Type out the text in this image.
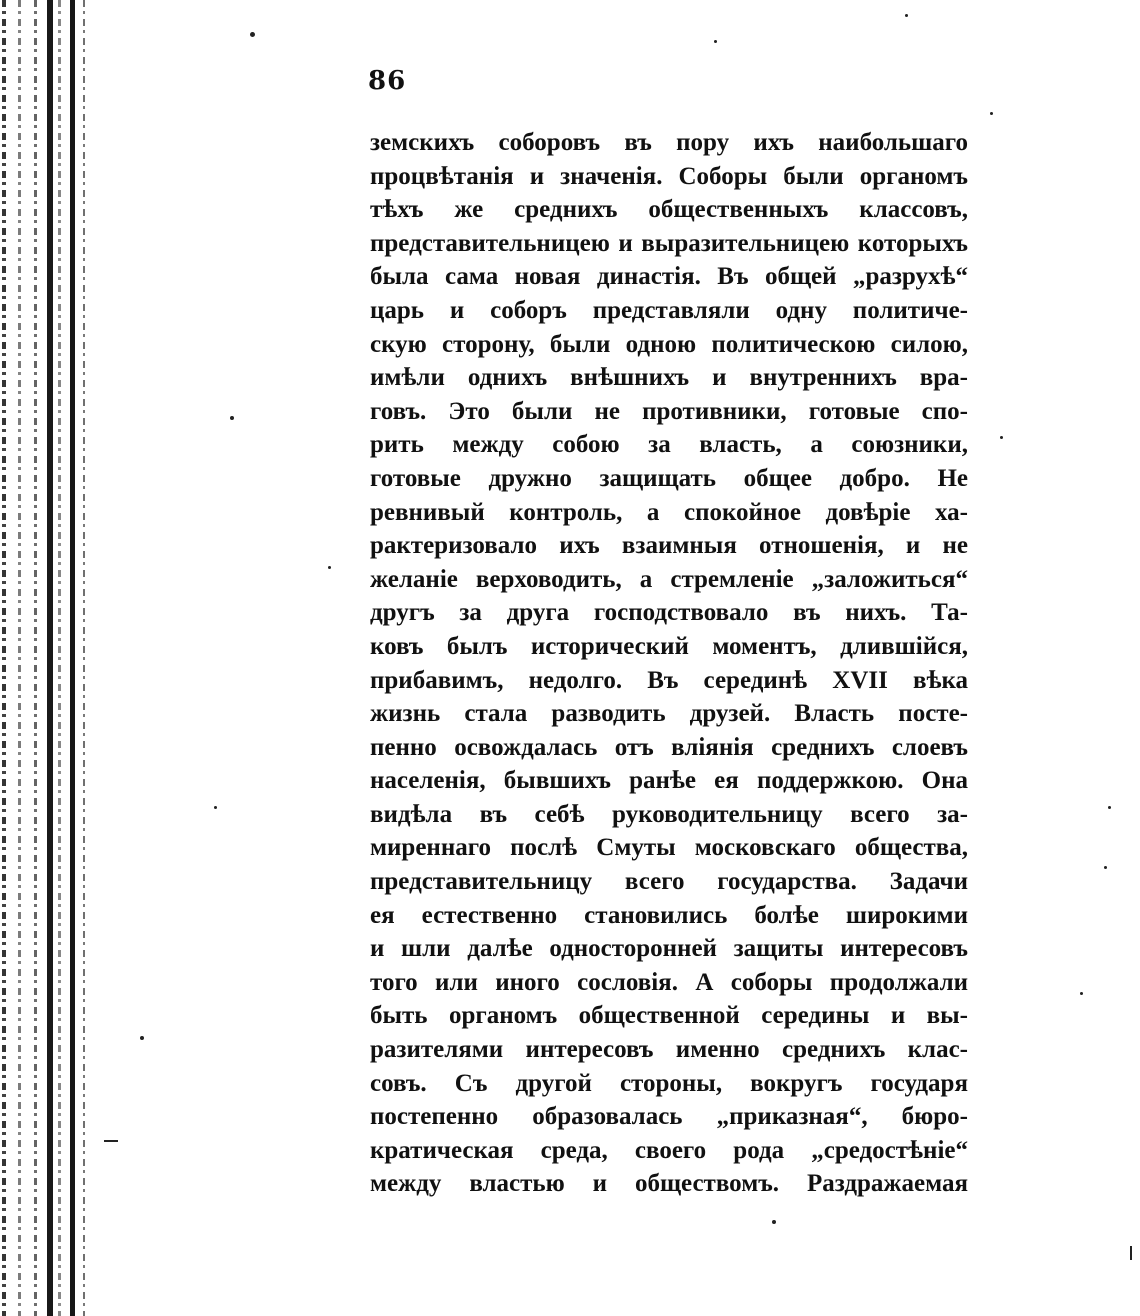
86
земскихъ соборовъ въ пору ихъ наибольшаго
процвѣтанія и значенія. Соборы были органомъ
тѣхъ же среднихъ общественныхъ классовъ,
представительницею и выразительницею которыхъ
была сама новая династія. Въ общей „разрухѣ“
царь и соборъ представляли одну политиче-
скую сторону, были одною политическою силою,
имѣли однихъ внѣшнихъ и внутреннихъ вра-
говъ. Это были не противники, готовые спо-
рить между собою за власть, а союзники,
готовые дружно защищать общее добро. Не
ревнивый контроль, а спокойное довѣріе ха-
рактеризовало ихъ взаимныя отношенія, и не
желаніе верховодить, а стремленіе „заложиться“
другъ за друга господствовало въ нихъ. Та-
ковъ былъ исторический моментъ, длившійся,
прибавимъ, недолго. Въ серединѣ XVII вѣка
жизнь стала разводить друзей. Власть посте-
пенно освождалась отъ вліянія среднихъ слоевъ
населенія, бывшихъ ранѣе ея поддержкою. Она
видѣла въ себѣ руководительницу всего за-
миреннаго послѣ Смуты московскаго общества,
представительницу всего государства. Задачи
ея естественно становились болѣе широкими
и шли далѣе односторонней защиты интересовъ
того или иного сословія. А соборы продолжали
быть органомъ общественной середины и вы-
разителями интересовъ именно среднихъ клас-
совъ. Съ другой стороны, вокругъ государя
постепенно образовалась „приказная“, бюро-
кратическая среда, своего рода „средостѣніе“
между властью и обществомъ. Раздражаемая
